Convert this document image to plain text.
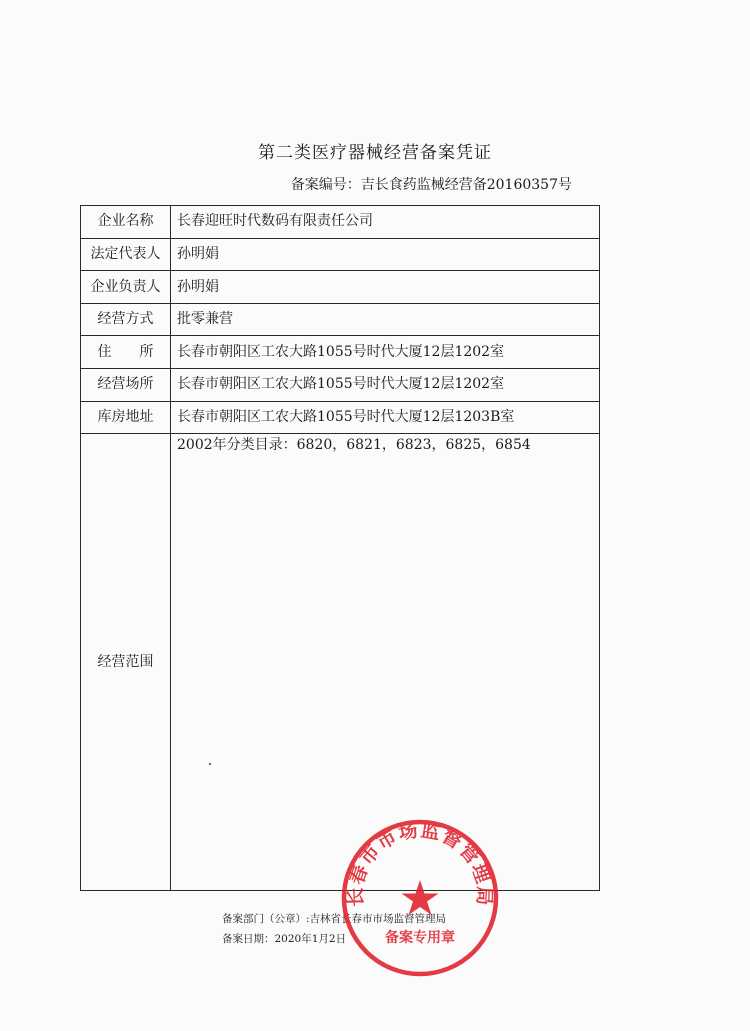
第二类医疗器械经营备案凭证
备案编号：吉长食药监械经营备20160357号
企业名称	长春迎旺时代数码有限责任公司
法定代表人	孙明娟
企业负责人	孙明娟
经营方式	批零兼营
住　　所	长春市朝阳区工农大路1055号时代大厦12层1202室
经营场所	长春市朝阳区工农大路1055号时代大厦12层1202室
库房地址	长春市朝阳区工农大路1055号时代大厦12层1203B室
经营范围	2002年分类目录：6820，6821，6823，6825，6854
备案部门（公章）:吉林省长春市市场监督管理局
备案日期：2020年1月2日
长春市市场监督管理局
备案专用章
